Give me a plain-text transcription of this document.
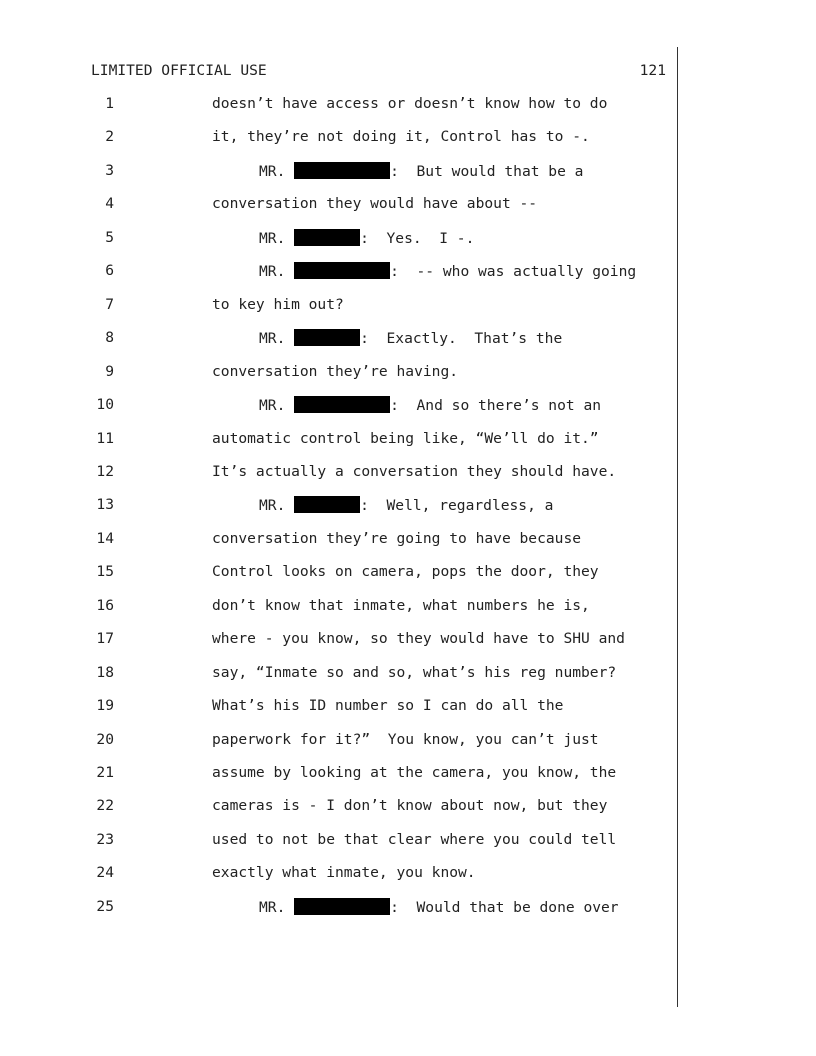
LIMITED OFFICIAL USE	121
1	doesn’t have access or doesn’t know how to do
2	it, they’re not doing it, Control has to -.
3	MR.	:  But would that be a
4	conversation they would have about --
5	MR.	:  Yes.  I -.
6	MR.	:  -- who was actually going
7	to key him out?
8	MR.	:  Exactly.  That’s the
9	conversation they’re having.
10	MR.	:  And so there’s not an
11	automatic control being like, “We’ll do it.”
12	It’s actually a conversation they should have.
13	MR.	:  Well, regardless, a
14	conversation they’re going to have because
15	Control looks on camera, pops the door, they
16	don’t know that inmate, what numbers he is,
17	where - you know, so they would have to SHU and
18	say, “Inmate so and so, what’s his reg number?
19	What’s his ID number so I can do all the
20	paperwork for it?”  You know, you can’t just
21	assume by looking at the camera, you know, the
22	cameras is - I don’t know about now, but they
23	used to not be that clear where you could tell
24	exactly what inmate, you know.
25	MR.	:  Would that be done over
